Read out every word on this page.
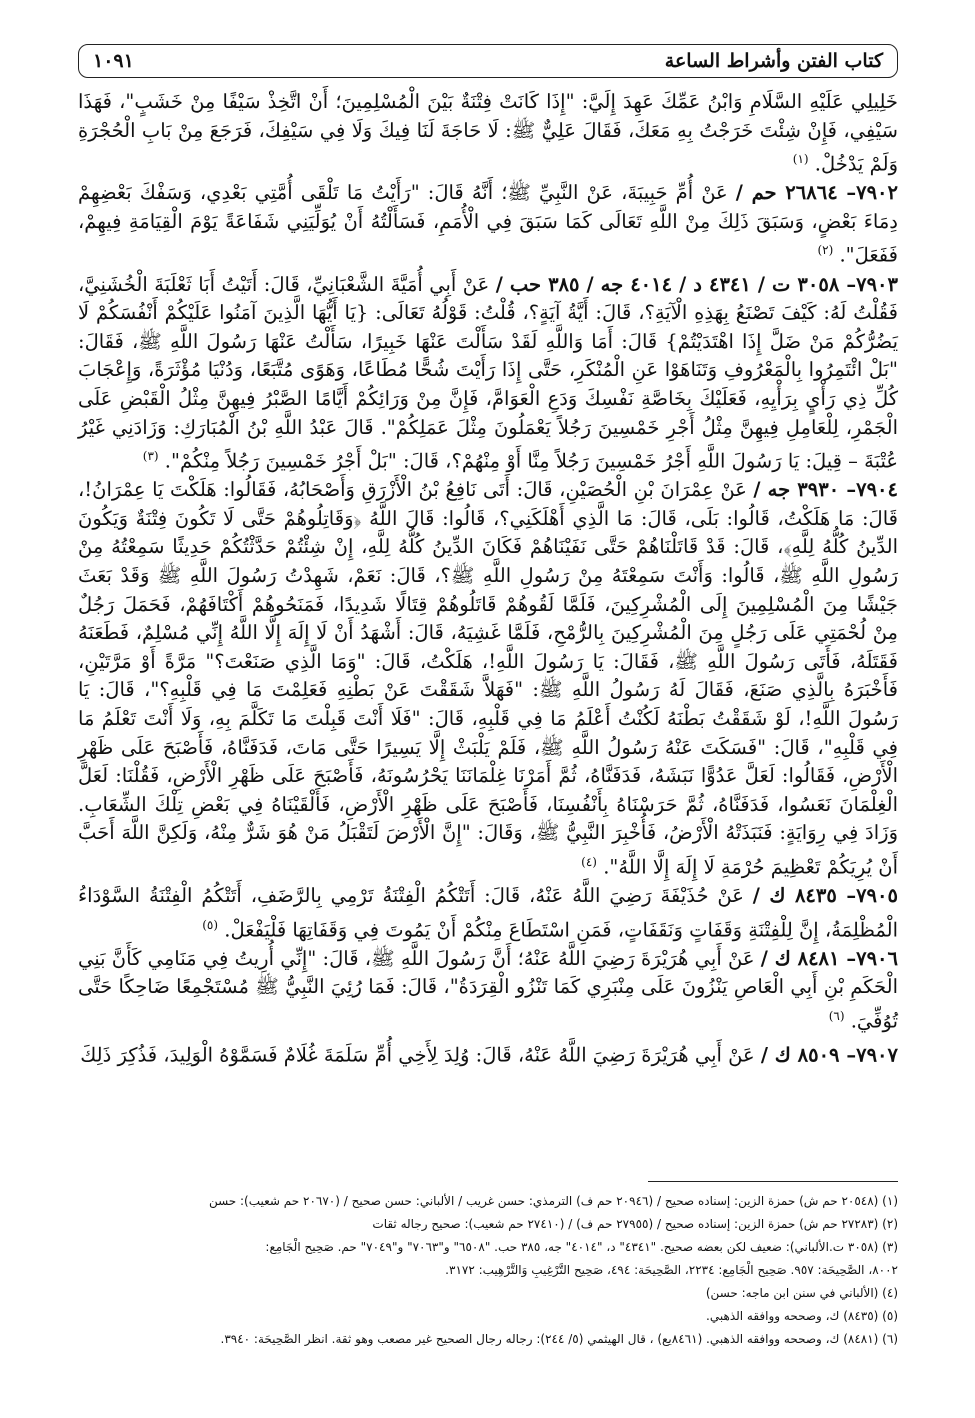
كتاب الفتن وأشراط الساعة
١٠٩١

خَلِيلِي عَلَيْهِ السَّلَامِ وَابْنُ عَمِّكَ عَهِدَ إِلَيَّ: "إِذَا كَانَتْ فِتْنَةٌ بَيْنَ الْمُسْلِمِينَ؛ أَنْ اتَّخِذْ سَيْفًا مِنْ خَشَبٍ"، فَهَذَا سَيْفِي، فَإِنْ شِئْتَ خَرَجْتُ بِهِ مَعَكَ، فَقَالَ عَلِيٌّ ﷺ: لَا حَاجَةَ لَنَا فِيكَ وَلَا فِي سَيْفِكَ، فَرَجَعَ مِنْ بَابِ الْحُجْرَةِ وَلَمْ يَدْخُلْ. $^{(١)}$

٧٩٠٢– ٢٦٨٦٤ حم / عَنْ أُمِّ حَبِيبَةَ، عَنْ النَّبِيِّ ﷺ؛ أَنَّهُ قَالَ: "رَأَيْتُ مَا تَلْقَى أُمَّتِي بَعْدِي، وَسَفْكَ بَعْضِهِمْ دِمَاءَ بَعْضٍ، وَسَبَقَ ذَلِكَ مِنْ اللَّهِ تَعَالَى كَمَا سَبَقَ فِي الْأُمَمِ، فَسَأَلْتُهُ أَنْ يُوَلِّيَنِي شَفَاعَةً يَوْمَ الْقِيَامَةِ فِيهِمْ، فَفَعَلَ". $^{(٢)}$

٧٩٠٣– ٣٠٥٨ ت / ٤٣٤١ د / ٤٠١٤ جه / ٣٨٥ حب / عَنْ أَبِي أُمَيَّةَ الشَّعْبَانِيِّ، قَالَ: أَتَيْتُ أَبَا ثَعْلَبَةَ الْخُشَنِيَّ، فَقُلْتُ لَهُ: كَيْفَ تَصْنَعُ بِهَذِهِ الْآيَةِ؟، قَالَ: أَيَّةُ آيَةٍ؟، قُلْتُ: قَوْلُهُ تَعَالَى: {يَا أَيُّهَا الَّذِينَ آمَنُوا عَلَيْكُمْ أَنْفُسَكُمْ لَا يَضُرُّكُمْ مَنْ ضَلَّ إِذَا اهْتَدَيْتُمْ} قَالَ: أَمَا وَاللَّهِ لَقَدْ سَأَلْتَ عَنْهَا خَبِيرًا، سَأَلْتُ عَنْهَا رَسُولَ اللَّهِ ﷺ، فَقَالَ: "بَلْ ائْتَمِرُوا بِالْمَعْرُوفِ وَتَنَاهَوْا عَنِ الْمُنْكَرِ، حَتَّى إِذَا رَأَيْتَ شُحًّا مُطَاعًا، وَهَوًى مُتَّبَعًا، وَدُنْيَا مُؤْثَرَةً، وَإِعْجَابَ كُلِّ ذِي رَأْيٍ بِرَأْيِهِ، فَعَلَيْكَ بِخَاصَّةِ نَفْسِكَ وَدَعِ الْعَوَامَّ، فَإِنَّ مِنْ وَرَائِكُمْ أَيَّامًا الصَّبْرُ فِيهِنَّ مِثْلُ الْقَبْضِ عَلَى الْجَمْرِ، لِلْعَامِلِ فِيهِنَّ مِثْلُ أَجْرِ خَمْسِينَ رَجُلاً يَعْمَلُونَ مِثْلَ عَمَلِكُمْ". قَالَ عَبْدُ اللَّهِ بْنُ الْمُبَارَكِ: وَزَادَنِي غَيْرُ عُتْبَةَ – قِيلَ: يَا رَسُولَ اللَّهِ أَجْرُ خَمْسِينَ رَجُلاً مِنَّا أَوْ مِنْهُمْ؟، قَالَ: "بَلْ أَجْرُ خَمْسِينَ رَجُلاً مِنْكُمْ". $^{(٣)}$

٧٩٠٤– ٣٩٣٠ جه / عَنْ عِمْرَانَ بْنِ الْحُصَيْنِ، قَالَ: أَتَى نَافِعُ بْنُ الْأَزْرَقِ وَأَصْحَابُهُ، فَقَالُوا: هَلَكْتَ يَا عِمْرَانُ!، قَالَ: مَا هَلَكْتُ، قَالُوا: بَلَى، قَالَ: مَا الَّذِي أَهْلَكَنِي؟، قَالُوا: قَالَ اللَّهُ ﴿وَقَاتِلُوهُمْ حَتَّى لَا تَكُونَ فِتْنَةٌ وَيَكُونَ الدِّينُ كُلُّهُ لِلَّهِ﴾، قَالَ: قَدْ قَاتَلْنَاهُمْ حَتَّى نَفَيْنَاهُمْ فَكَانَ الدِّينُ كُلُّهُ لِلَّهِ، إِنْ شِئْتُمْ حَدَّثْتُكُمْ حَدِيثًا سَمِعْتُهُ مِنْ رَسُولِ اللَّهِ ﷺ، قَالُوا: وَأَنْتَ سَمِعْتَهُ مِنْ رَسُولِ اللَّهِ ﷺ؟، قَالَ: نَعَمْ، شَهِدْتُ رَسُولَ اللَّهِ ﷺ وَقَدْ بَعَثَ جَيْشًا مِنَ الْمُسْلِمِينَ إِلَى الْمُشْرِكِينَ، فَلَمَّا لَقُوهُمْ قَاتَلُوهُمْ قِتَالًا شَدِيدًا، فَمَنَحُوهُمْ أَكْتَافَهُمْ، فَحَمَلَ رَجُلٌ مِنْ لُحْمَتِي عَلَى رَجُلٍ مِنَ الْمُشْرِكِينَ بِالرُّمْحِ، فَلَمَّا غَشِيَهُ، قَالَ: أَشْهَدُ أَنْ لَا إِلَهَ إِلَّا اللَّهُ إِنِّي مُسْلِمٌ، فَطَعَنَهُ فَقَتَلَهُ، فَأَتَى رَسُولَ اللَّهِ ﷺ، فَقَالَ: يَا رَسُولَ اللَّهِ!، هَلَكْتُ، قَالَ: "وَمَا الَّذِي صَنَعْتَ؟" مَرَّةً أَوْ مَرَّتَيْنِ، فَأَخْبَرَهُ بِالَّذِي صَنَعَ، فَقَالَ لَهُ رَسُولُ اللَّهِ ﷺ: "فَهَلاَّ شَقَقْتَ عَنْ بَطْنِهِ فَعَلِمْتَ مَا فِي قَلْبِهِ؟"، قَالَ: يَا رَسُولَ اللَّهِ!، لَوْ شَقَقْتُ بَطْنَهُ لَكُنْتُ أَعْلَمُ مَا فِي قَلْبِهِ، قَالَ: "فَلَا أَنْتَ قَبِلْتَ مَا تَكَلَّمَ بِهِ، وَلَا أَنْتَ تَعْلَمُ مَا فِي قَلْبِهِ"، قَالَ: "فَسَكَتَ عَنْهُ رَسُولُ اللَّهِ ﷺ، فَلَمْ يَلْبَثْ إِلَّا يَسِيرًا حَتَّى مَاتَ، فَدَفَنَّاهُ، فَأَصْبَحَ عَلَى ظَهْرِ الْأَرْضِ، فَقَالُوا: لَعَلَّ عَدُوًّا نَبَشَهُ، فَدَفَنَّاهُ، ثُمَّ أَمَرْنَا غِلْمَانَنَا يَحْرُسُونَهُ، فَأَصْبَحَ عَلَى ظَهْرِ الْأَرْضِ، فَقُلْنَا: لَعَلَّ الْغِلْمَانَ نَعَسُوا، فَدَفَنَّاهُ، ثُمَّ حَرَسْنَاهُ بِأَنْفُسِنَا، فَأَصْبَحَ عَلَى ظَهْرِ الْأَرْضِ، فَأَلْقَيْنَاهُ فِي بَعْضِ تِلْكَ الشِّعَابِ. وَزَادَ فِي رِوَايَةٍ: فَنَبَذَتْهُ الْأَرْضُ، فَأُخْبِرَ النَّبِيُّ ﷺ، وَقَالَ: "إِنَّ الْأَرْضَ لَتَقْبَلُ مَنْ هُوَ شَرٌّ مِنْهُ، وَلَكِنَّ اللَّهَ أَحَبَّ أَنْ يُرِيَكُمْ تَعْظِيمَ حُرْمَةِ لَا إِلَهَ إِلَّا اللَّهُ". $^{(٤)}$

٧٩٠٥– ٨٤٣٥ ك / عَنْ حُذَيْفَةَ رَضِيَ اللَّهُ عَنْهُ، قَالَ: أَتَتْكُمُ الْفِتْنَةُ تَرْمِي بِالرَّضَفِ، أَتَتْكُمُ الْفِتْنَةُ السَّوْدَاءُ الْمُظْلِمَةُ، إِنَّ لِلْفِتْنَةِ وَقَفَاتٍ وَنَقَفَاتٍ، فَمَنِ اسْتَطَاعَ مِنْكُمْ أَنْ يَمُوتَ فِي وَقَفَاتِهَا فَلْيَفْعَلْ. $^{(٥)}$

٧٩٠٦– ٨٤٨١ ك / عَنْ أَبِي هُرَيْرَةَ رَضِيَ اللَّهُ عَنْهُ؛ أَنَّ رَسُولَ اللَّهِ ﷺ، قَالَ: "إِنِّي أُرِيتُ فِي مَنَامِي كَأَنَّ بَنِي الْحَكَمِ بْنِ أَبِي الْعَاصِ يَنْزُونَ عَلَى مِنْبَرِي كَمَا تَنْزُو الْقِرَدَةُ"، قَالَ: فَمَا رُئِيَ النَّبِيُّ ﷺ مُسْتَجْمِعًا ضَاحِكًا حَتَّى تُوُفِّيَ. $^{(٦)}$

٧٩٠٧– ٨٥٠٩ ك / عَنْ أَبِي هُرَيْرَةَ رَضِيَ اللَّهُ عَنْهُ، قَالَ: وُلِدَ لِأَخِي أُمِّ سَلَمَةَ غُلَامٌ فَسَمَّوْهُ الْوَلِيدَ، فَذُكِرَ ذَلِكَ

(١) (٢٠٥٤٨ حم ش) حمزة الزين: إسناده صحيح / (٢٠٩٤٦ حم ف) الترمذي: حسن غريب / الألباني: حسن صحيح / (٢٠٦٧٠ حم شعيب): حسن

(٢) (٢٧٢٨٣ حم ش) حمزة الزين: إسناده صحيح / (٢٧٩٥٥ حم ف) / (٢٧٤١٠ حم شعيب): صحيح رجاله ثقات

(٣) (٣٠٥٨ ت.الألباني): ضعيف لكن بعضه صحيح. "٤٣٤١" د، "٤٠١٤" جه، ٣٨٥ حب. "٦٥٠٨" و"٧٠٦٣" و"٧٠٤٩" حم. صَحِيح الْجَامِع:

٨٠٠٢، الصَّحِيحَة: ٩٥٧. صَحِيح الْجَامِع: ٢٢٣٤، الصَّحِيحَة: ٤٩٤، صَحِيح التَّرْغِيبِ وَالتَّرْهِيب: ٣١٧٢.

(٤) (الألباني في سنن ابن ماجه: حسن)

(٥) (٨٤٣٥) ك، وصححه ووافقه الذهبي.

(٦) (٨٤٨١) ك، وصححه ووافقه الذهبي. (٨٤٦١يع) ، قال الهيثمي (٥/ ٢٤٤): رجاله رجال الصحيح غير مصعب وهو ثقة. انظر الصَّحِيحَة: ٣٩٤٠.
